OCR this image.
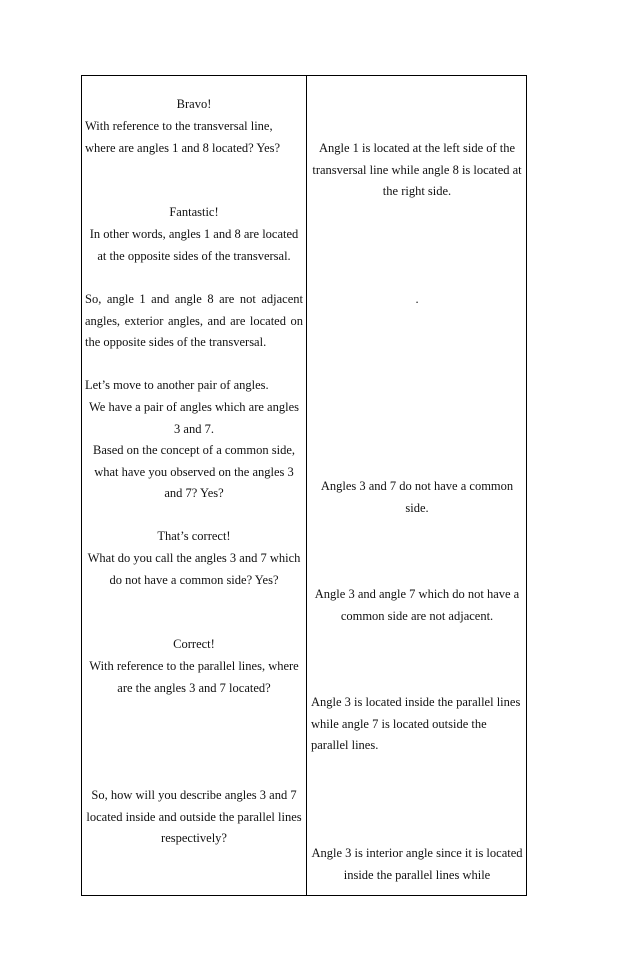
Bravo!

With reference to the transversal line, where are angles 1 and 8 located? Yes?

Fantastic!

In other words, angles 1 and 8 are located at the opposite sides of the transversal.

So, angle 1 and angle 8 are not adjacent angles, exterior angles, and are located on the opposite sides of the transversal.

Let’s move to another pair of angles.

We have a pair of angles which are angles 3 and 7.

Based on the concept of a common side, what have you observed on the angles 3 and 7? Yes?

That’s correct!

What do you call the angles 3 and 7 which do not have a common side? Yes?

Correct!

With reference to the parallel lines, where are the angles 3 and 7 located?

So, how will you describe angles 3 and 7 located inside and outside the parallel lines respectively?

Angle 1 is located at the left side of the transversal line while angle 8 is located at the right side.

.

Angles 3 and 7 do not have a common side.

Angle 3 and angle 7 which do not have a common side are not adjacent.

Angle 3 is located inside the parallel lines while angle 7 is located outside the parallel lines.

Angle 3 is interior angle since it is located inside the parallel lines while
